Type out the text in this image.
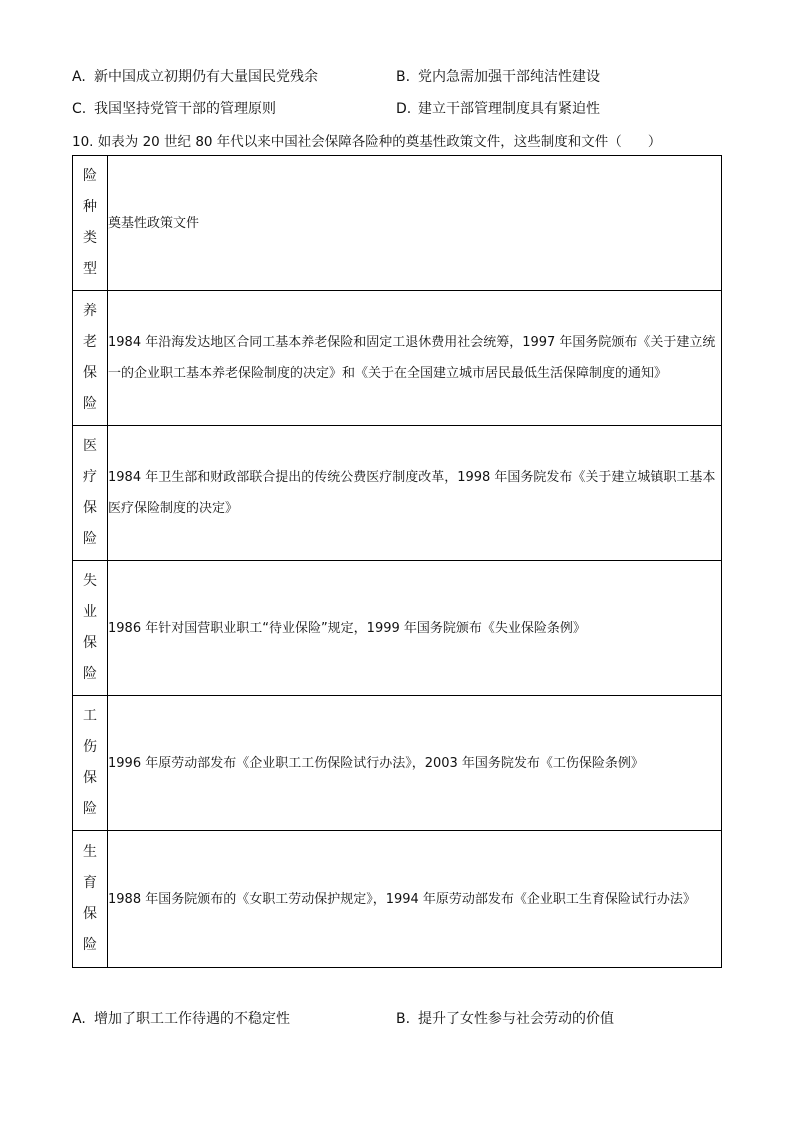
A. 新中国成立初期仍有大量国民党残余	B. 党内急需加强干部纯洁性建设
C. 我国坚持党管干部的管理原则	D. 建立干部管理制度具有紧迫性
10. 如表为 20 世纪 80 年代以来中国社会保障各险种的奠基性政策文件，这些制度和文件（ ）
险种类型	奠基性政策文件

养老保险	1984 年沿海发达地区合同工基本养老保险和固定工退休费用社会统筹，1997 年国务院颁布《关于建立统一的企业职工基本养老保险制度的决定》和《关于在全国建立城市居民最低生活保障制度的通知》

医疗保险	1984 年卫生部和财政部联合提出的传统公费医疗制度改革，1998 年国务院发布《关于建立城镇职工基本医疗保险制度的决定》

失业保险	1986 年针对国营职业职工“待业保险”规定，1999 年国务院颁布《失业保险条例》

工伤保险	1996 年原劳动部发布《企业职工工伤保险试行办法》，2003 年国务院发布《工伤保险条例》

生育保险	1988 年国务院颁布的《女职工劳动保护规定》，1994 年原劳动部发布《企业职工生育保险试行办法》
A. 增加了职工工作待遇的不稳定性	B. 提升了女性参与社会劳动的价值
